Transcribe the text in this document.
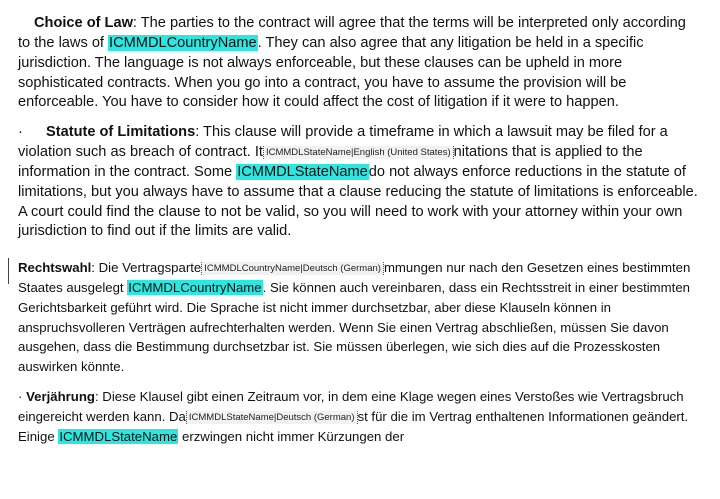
Choice of Law: The parties to the contract will agree that the terms will be interpreted only according to the laws of ICMMDLCountryName. They can also agree that any litigation be held in a specific jurisdiction. The language is not always enforceable, but these clauses can be upheld in more sophisticated contracts. When you go into a contract, you have to assume the provision will be enforceable. You have to consider how it could affect the cost of litigation if it were to happen.

· Statute of Limitations: This clause will provide a timeframe in which a lawsuit may be filed for a violation such as breach of contract. It ICMMDLStateName|English (United States) nitations that is applied to the information in the contract. Some ICMMDLStateNamedo not always enforce reductions in the statute of limitations, but you always have to assume that a clause reducing the statute of limitations is enforceable. A court could find the clause to not be valid, so you will need to work with your attorney within your own jurisdiction to find out if the limits are valid.

Rechtswahl: Die Vertragsparte ICMMDLCountryName|Deutsch (German) mmungen nur nach den Gesetzen eines bestimmten Staates ausgelegt ICMMDLCountryName. Sie können auch vereinbaren, dass ein Rechtsstreit in einer bestimmten Gerichtsbarkeit geführt wird. Die Sprache ist nicht immer durchsetzbar, aber diese Klauseln können in anspruchsvolleren Verträgen aufrechterhalten werden. Wenn Sie einen Vertrag abschließen, müssen Sie davon ausgehen, dass die Bestimmung durchsetzbar ist. Sie müssen überlegen, wie sich dies auf die Prozesskosten auswirken könnte.

· Verjährung: Diese Klausel gibt einen Zeitraum vor, in dem eine Klage wegen eines Verstoßes wie Vertragsbruch eingereicht werden kann. Da ICMMDLStateName|Deutsch (German) st für die im Vertrag enthaltenen Informationen geändert. Einige ICMMDLStateName erzwingen nicht immer Kürzungen der
